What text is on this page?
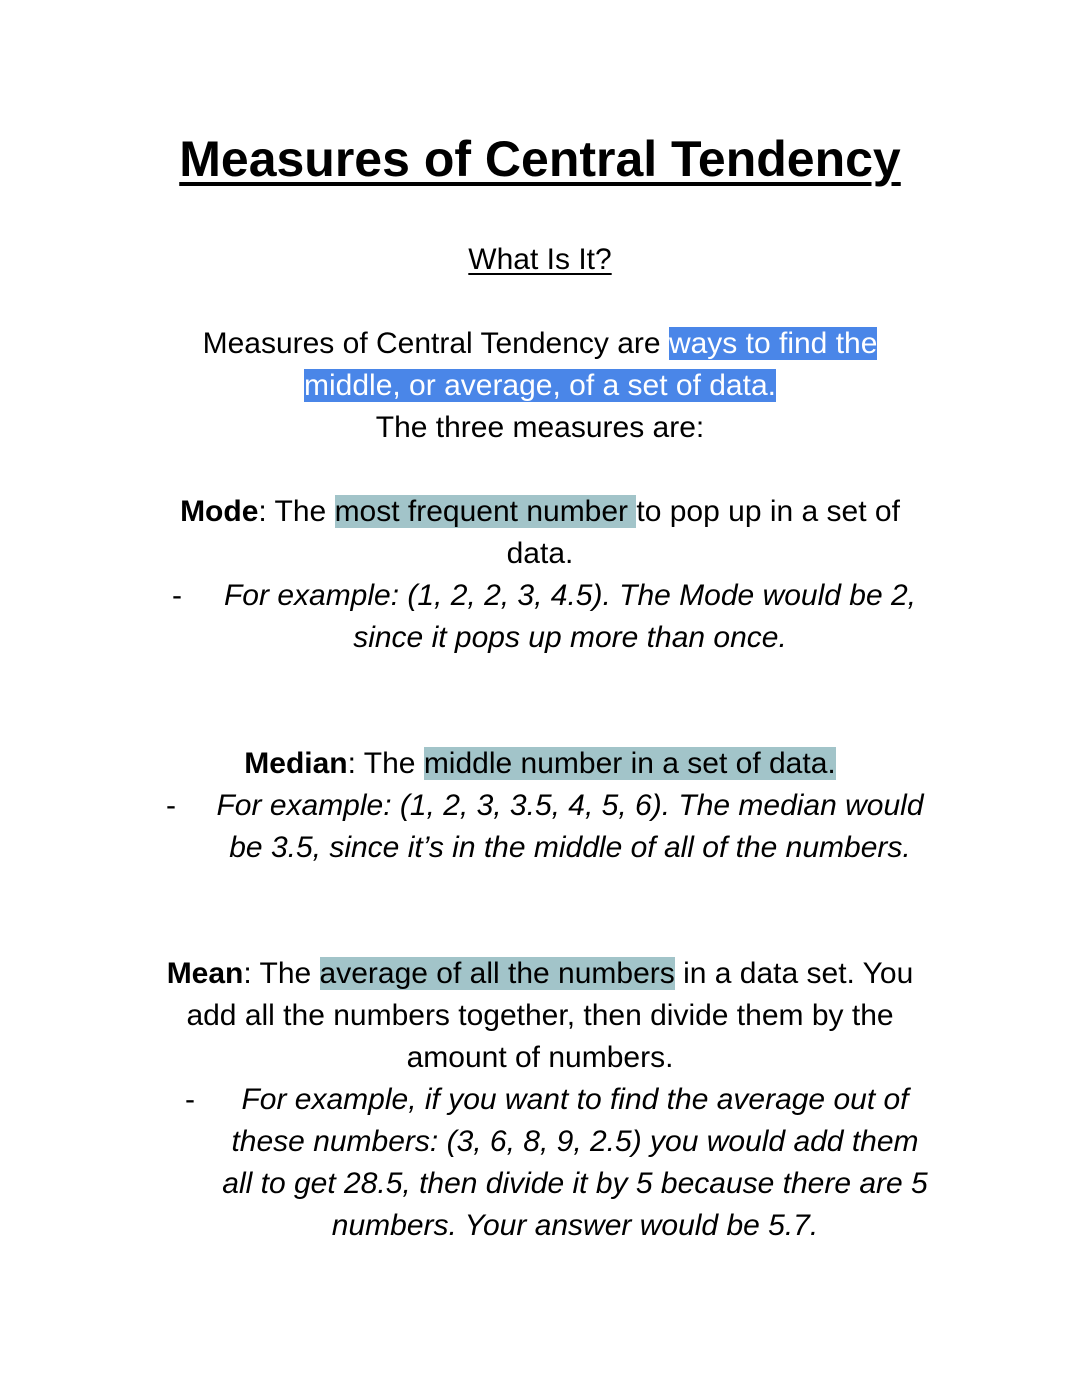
Measures of Central Tendency
What Is It?
Measures of Central Tendency are ways to find the
middle, or average, of a set of data.
The three measures are:
Mode: The most frequent number to pop up in a set of
data.
-	For example: (1, 2, 2, 3, 4.5). The Mode would be 2,
since it pops up more than once.
Median: The middle number in a set of data.
-	For example: (1, 2, 3, 3.5, 4, 5, 6). The median would
be 3.5, since it’s in the middle of all of the numbers.
Mean: The average of all the numbers in a data set. You
add all the numbers together, then divide them by the
amount of numbers.
-	For example, if you want to find the average out of
these numbers: (3, 6, 8, 9, 2.5) you would add them
all to get 28.5, then divide it by 5 because there are 5
numbers. Your answer would be 5.7.
